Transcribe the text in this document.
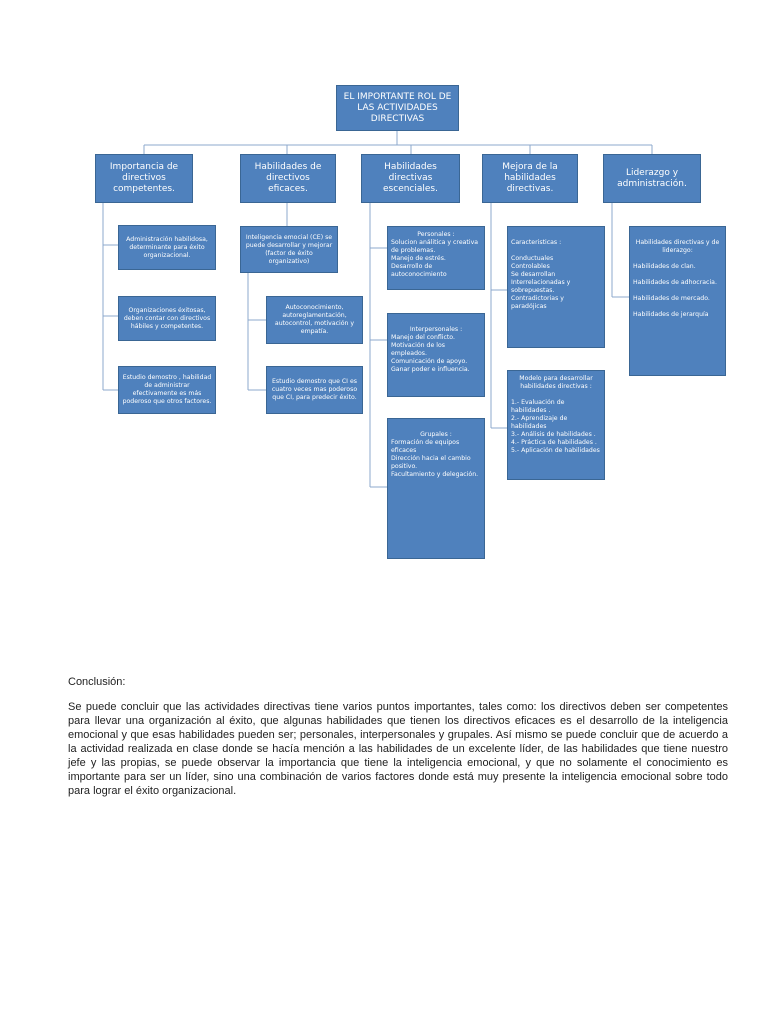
EL IMPORTANTE ROL DE LAS ACTIVIDADES DIRECTIVAS
Importancia de directivos competentes.
Habilidades de directivos eficaces.
Habilidades directivas escenciales.
Mejora de la habilidades directivas.
Liderazgo y administración.
Administración habilidosa, determinante para éxito organizacional.
Organizaciones éxitosas, deben contar con directivos hábiles y competentes.
Estudio demostro , habilidad de administrar efectivamente es más poderoso que otros factores.
Inteligencia emocial (CE) se puede desarrollar y mejorar (factor de éxito organizativo)
Autoconocimiento, autoreglamentación, autocontrol, motivación y empatía.
Estudio demostro que CI es cuatro veces mas poderoso que CI, para predecir éxito.
Personales :
Solucion análitica y creativa de problemas.
Manejo de estrés.
Desarrollo de autoconocimiento
Interpersonales :
Manejo del conflicto.
Motivación de los empleados.
Comunicación de apoyo.
Ganar poder e influencia.
Grupales :
Formación de equipos eficaces
Dirección hacia el cambio positivo.
Facultamiento y delegación.
Caracteristicas :
Conductuales
Controlables
Se desarrollan
Interrelacionadas y sobrepuestas.
Contradictorias y paradójicas
Modelo para desarrollar habilidades directivas :
1.- Evaluación de habilidades .
2.- Aprendizaje de habilidades
3.- Análisis de habilidades .
4.- Práctica de habilidades .
5.- Aplicación de habilidades
Habilidades directivas y de liderazgo:
Habilidades de clan.
Habilidades de adhocracia.
Habilidades de mercado.
Habilidades de jerarquía

Conclusión:

Se puede concluir que las actividades directivas tiene varios puntos importantes, tales como: los directivos deben ser competentes para llevar una organización al éxito, que algunas habilidades que tienen los directivos eficaces es el desarrollo de la inteligencia emocional y que esas habilidades pueden ser; personales, interpersonales y grupales. Así mismo se puede concluir que de acuerdo a la actividad realizada en clase donde se hacía mención a las habilidades de un excelente líder, de las habilidades que tiene nuestro jefe y las propias, se puede observar la importancia que tiene la inteligencia emocional, y que no solamente el conocimiento es importante para ser un líder, sino una combinación de varios factores donde está muy presente la inteligencia emocional sobre todo para lograr el éxito organizacional.
